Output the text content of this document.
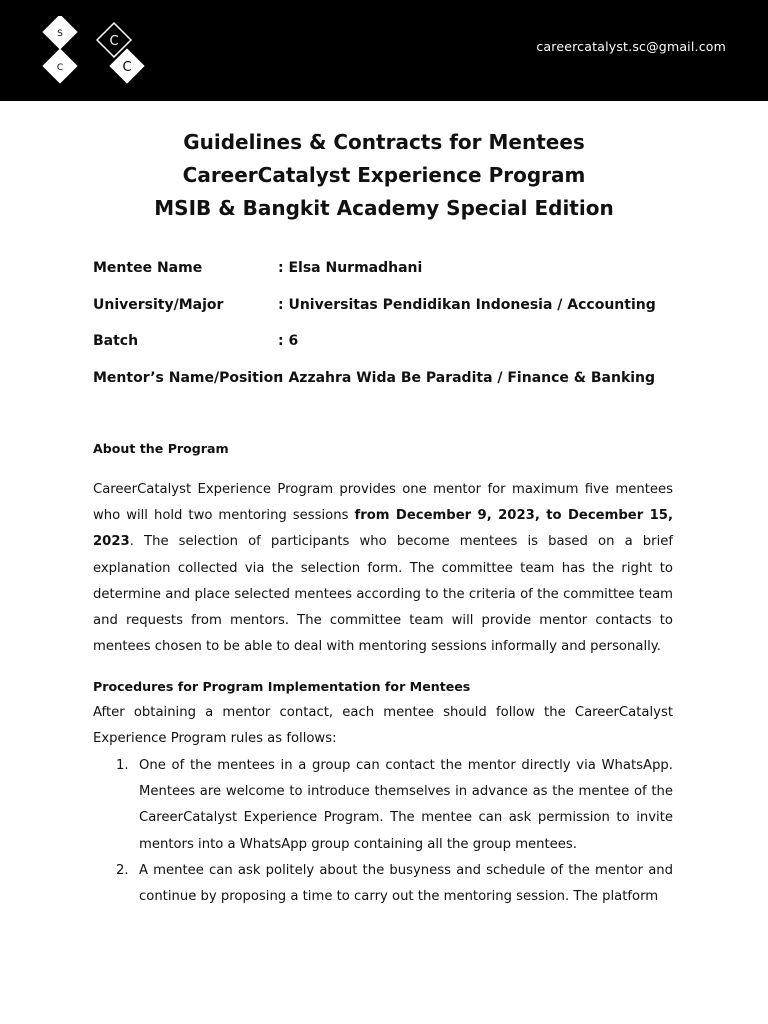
S
C
C
C
careercatalyst.sc@gmail.com
Guidelines & Contracts for Mentees
CareerCatalyst Experience Program
MSIB & Bangkit Academy Special Edition
Mentee Name	: Elsa Nurmadhani
University/Major	: Universitas Pendidikan Indonesia / Accounting
Batch	: 6
Mentor’s Name/Position
: Azzahra Wida Be Paradita / Finance & Banking
About the Program
CareerCatalyst Experience Program provides one mentor for maximum five mentees who will hold two mentoring sessions from December 9, 2023, to December 15, 2023. The selection of participants who become mentees is based on a brief explanation collected via the selection form. The committee team has the right to determine and place selected mentees according to the criteria of the committee team and requests from mentors. The committee team will provide mentor contacts to mentees chosen to be able to deal with mentoring sessions informally and personally.
Procedures for Program Implementation for Mentees
After obtaining a mentor contact, each mentee should follow the CareerCatalyst Experience Program rules as follows:
1. One of the mentees in a group can contact the mentor directly via WhatsApp. Mentees are welcome to introduce themselves in advance as the mentee of the CareerCatalyst Experience Program. The mentee can ask permission to invite mentors into a WhatsApp group containing all the group mentees.
2. A mentee can ask politely about the busyness and schedule of the mentor and continue by proposing a time to carry out the mentoring session. The platform
